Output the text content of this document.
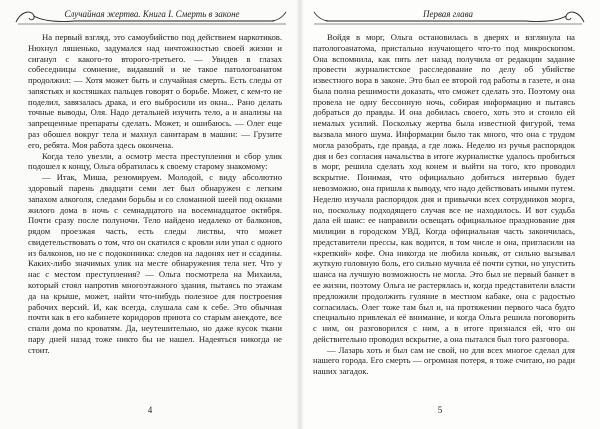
Случайная жертва. Книга I. Смерть в законе

На первый взгляд, это самоубийство под действием наркотиков. Нюхнул ляшенько, задумался над ничтожностью своей жизни и сиганул с какого-то второго-третьего. — Увидев в глазах собеседницы сомнение, видавший и не такое патологоанатом продолжил: — Хотя может быть и случайная смерть. Есть следы от запястьях и костяшках пальцев говорят о борьбе. Может, с кем-то не поделил, завязалась драка, и его выбросили из окна... Рано делать точные выводы, Оля. Надо детальней изучить тело, а и анализы на запрещенные препараты сделать. Может, и ошибаюсь. — Олег еще раз обошел вокруг тела и махнул санитарам в машин: — Грузите его, ребята. Моя работа здесь окончена.

Когда тело увезли, а осмотр места преступления и сбор улик подошел к концу, Ольга обратилась к своему старому знакомому:

— Итак, Миша, резюмируем. Молодой, с виду абсолютно здоровый парень двадцати семи лет был обнаружен с легким запахом алкоголя, следами борьбы и со сломанной шеей под окнами жилого дома в ночь с семнадцатого на восемнадцатое октября. Почти сразу после полуночи. Тело найдено недалеко от балконов, рядом проезжая часть, есть следы листвы, что может свидетельствовать о том, что он скатился с кровли или упал с одного из балконов, но не с подоконника: следов на ладонях нет и ссадины. Каких-либо значимых улик на месте обнаружения тела нет. Что у нас с местом преступления? — Ольга посмотрела на Михаила, который стоял напротив многоэтажного здания, пытаясь по этажам да на крыше, может, найти что-нибудь полезное для построения рабочих версий. И, как всегда, слушала сам к себе. Это обычная почти как в его кабинете коридоров приюта со старым анекдоте, все спали дома по кроватям. Да, неутешительно, но даже кусок ткани пару дней назад тоже никто бы не нашел. Надеяться никогда не стоит.

4
Первая глава

Войдя в морг, Ольга остановилась в дверях и взглянула на патологоанатома, пристально изучающего что-то под микроскопом. Она вспомнила, как пять лет назад получила от редакции задание провести журналистское расследование по делу об убийстве известного вора в законе. Это был ее второй год работы в газете, и она была полна решимости доказать, что сможет сделать это. Поэтому она провела не одну бессонную ночь, собирая информацию и пытаясь добраться до правды. И она добилась своего, хоть это и стоило ей немалых усилий. Поскольку жертва была известной фигурой, тема вызвала много шума. Информации было так много, что она с трудом могла разобрать, где правда, а где ложь. Неделю из ручья распорядок дня и без согласия начальства в итоге журналистке удалось пробиться в морг, решила сделать ход конем и выйти на того, кто проводил вскрытие. Понимая, что официально добиться интервью будет невозможно, она пришла к выводу, что надо действовать иными путем. Неделю изучала распорядок дня и привычки всех сотрудников морга, но, поскольку подходящего случая все не находилось. И вот судьба дала ей шанс: ее направили освещать официальное празднование дня милиции в городском УВД. Когда официальная часть закончилась, представители прессы, как водится, в том числе и она, пригласили на «крепкий» кофе. Она никогда не любила коньяк, от сильно вызывал жуткую головную боль, его сильно мучила её почти сутки, но упустить шанса на лучшую возможность не могла. Это был не первый банкет в ее жизни, поэтому Ольга не растерялась и, когда представители власти предложили продолжить гуляние в местном кабаке, она с радостью согласилась. Олег тоже там был и, на протяжении первого часа будто специально привлекал её внимание, и когда Ольга решила поговорить с ним, он разговорился с ним, а в итоге признался ей, что он действительно проводил вскрытие, а она пытался был того разговора.

— Лазарь хоть и был сам не свой, но для всех многое сделал для нашего города. Его смерть — огромная потеря, я тоже считаю, но ради наших загадок.

5
